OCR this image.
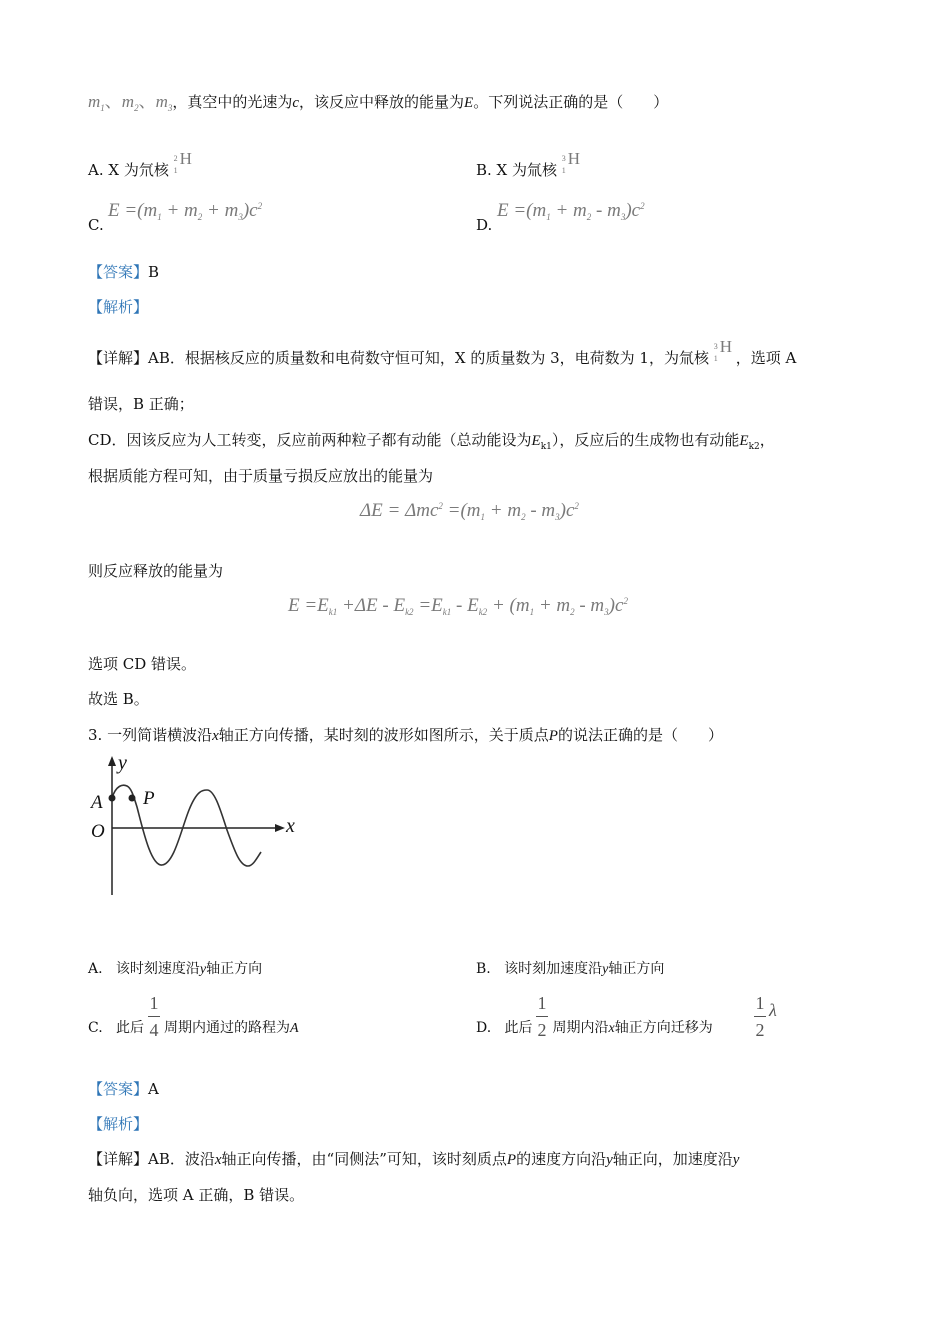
$m_1$、$m_2$、$m_3$，真空中的光速为c，该反应中释放的能量为E。下列说法正确的是（　　）
A. X 为氘核
2
1
H
B. X 为氚核
3
1
H
C.
$E =(m_1 + m_2 + m_3)c^2$
D.
$E =(m_1 + m_2 - m_3)c^2$
【答案】B
【解析】
【详解】AB．根据核反应的质量数和电荷数守恒可知，X 的质量数为 3，电荷数为 1，为氚核
3
1
H
，选项 A
错误，B 正确；
CD．因该反应为人工转变，反应前两种粒子都有动能（总动能设为$E_{k1}$），反应后的生成物也有动能$E_{k2}$，
根据质能方程可知，由于质量亏损反应放出的能量为
$\Delta E = \Delta mc^2 =(m_1 + m_2 - m_3)c^2$
则反应释放的能量为
$E =E_{k1} +\Delta E - E_{k2} =E_{k1} - E_{k2} + (m_1 + m_2 - m_3)c^2$
选项 CD 错误。
故选 B。
3. 一列简谐横波沿x轴正方向传播，某时刻的波形如图所示，关于质点P的说法正确的是（　　）
y
x
O
A P
A. 该时刻速度沿y轴正方向	B. 该时刻加速度沿y轴正方向
C. 此后 周期内通过的路程为A
1
4	D. 此后 周期内沿x轴正方向迁移为
1
2
1
2
λ
【答案】A
【解析】
【详解】AB．波沿x轴正向传播，由“同侧法”可知，该时刻质点P的速度方向沿y轴正向，加速度沿y
轴负向，选项 A 正确，B 错误。
